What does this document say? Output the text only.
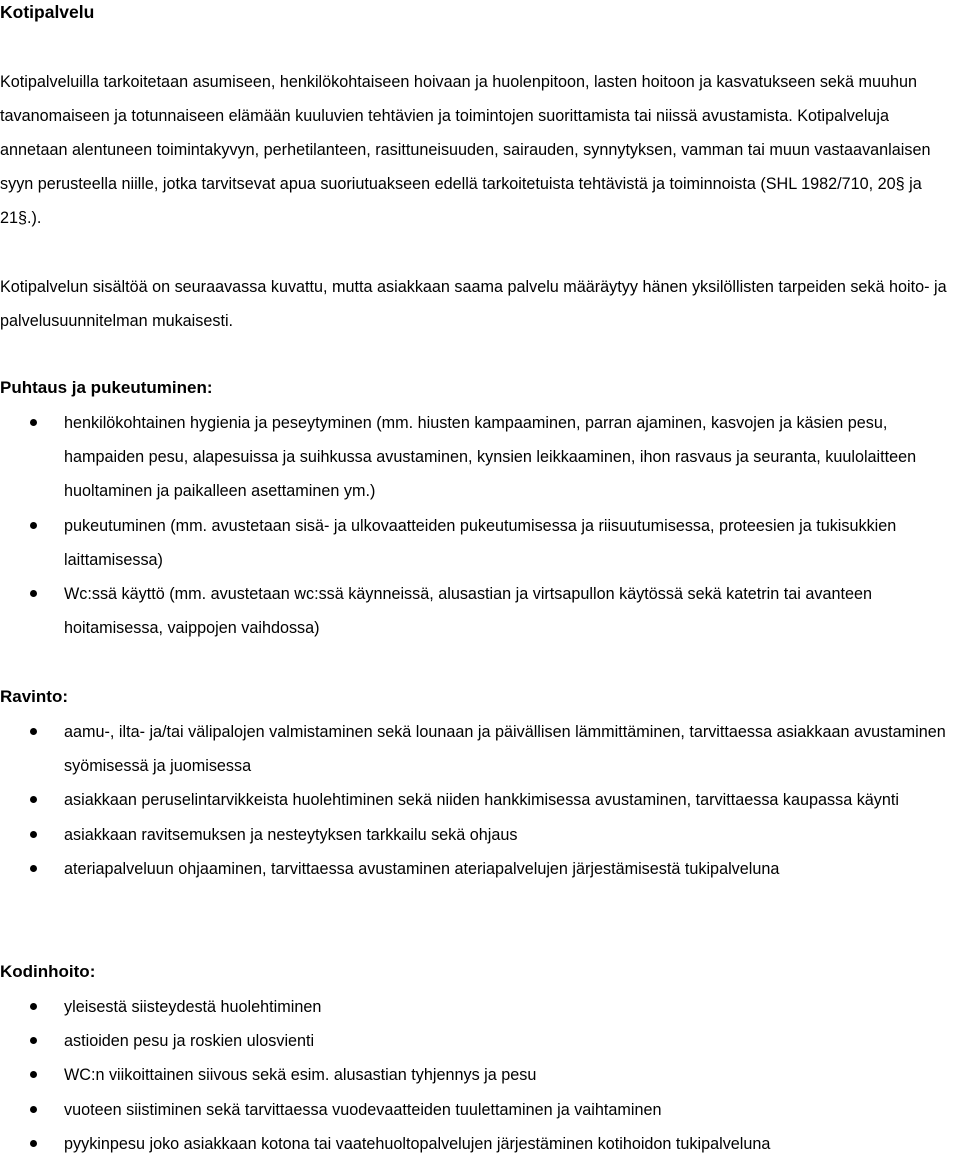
Kotipalvelu

Kotipalveluilla tarkoitetaan asumiseen, henkilökohtaiseen hoivaan ja huolenpitoon, lasten hoitoon ja kasvatukseen sekä muuhun tavanomaiseen ja totunnaiseen elämään kuuluvien tehtävien ja toimintojen suorittamista tai niissä avustamista. Kotipalveluja annetaan alentuneen toimintakyvyn, perhetilanteen, rasittuneisuuden, sairauden, synnytyksen, vamman tai muun vastaavanlaisen syyn perusteella niille, jotka tarvitsevat apua suoriutuakseen edellä tarkoitetuista tehtävistä ja toiminnoista (SHL 1982/710, 20§ ja 21§.).

Kotipalvelun sisältöä on seuraavassa kuvattu, mutta asiakkaan saama palvelu määräytyy hänen yksilöllisten tarpeiden sekä hoito- ja palvelusuunnitelman mukaisesti.

Puhtaus ja pukeutuminen:
henkilökohtainen hygienia ja peseytyminen (mm. hiusten kampaaminen, parran ajaminen, kasvojen ja käsien pesu, hampaiden pesu, alapesuissa ja suihkussa avustaminen, kynsien leikkaaminen, ihon rasvaus ja seuranta, kuulolaitteen huoltaminen ja paikalleen asettaminen ym.)
pukeutuminen (mm. avustetaan sisä- ja ulkovaatteiden pukeutumisessa ja riisuutumisessa, proteesien ja tukisukkien laittamisessa)
Wc:ssä käyttö (mm. avustetaan wc:ssä käynneissä, alusastian ja virtsapullon käytössä sekä katetrin tai avanteen hoitamisessa, vaippojen vaihdossa)
Ravinto:
aamu-, ilta- ja/tai välipalojen valmistaminen sekä lounaan ja päivällisen lämmittäminen, tarvittaessa asiakkaan avustaminen syömisessä ja juomisessa
asiakkaan peruselintarvikkeista huolehtiminen sekä niiden hankkimisessa avustaminen, tarvittaessa kaupassa käynti
asiakkaan ravitsemuksen ja nesteytyksen tarkkailu sekä ohjaus
ateriapalveluun ohjaaminen, tarvittaessa avustaminen ateriapalvelujen järjestämisestä tukipalveluna
Kodinhoito:
yleisestä siisteydestä huolehtiminen
astioiden pesu ja roskien ulosvienti
WC:n viikoittainen siivous sekä esim. alusastian tyhjennys ja pesu
vuoteen siistiminen sekä tarvittaessa vuodevaatteiden tuulettaminen ja vaihtaminen
pyykinpesu joko asiakkaan kotona tai vaatehuoltopalvelujen järjestäminen kotihoidon tukipalveluna
